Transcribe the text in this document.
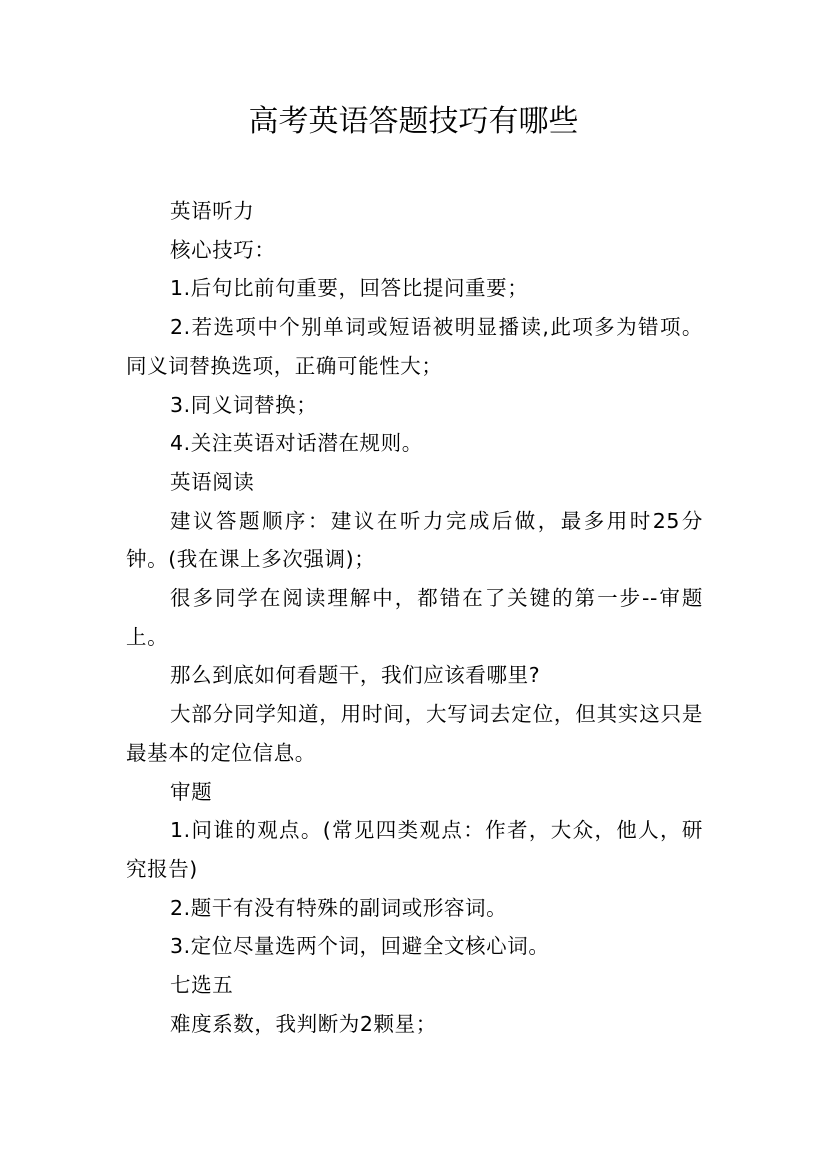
高考英语答题技巧有哪些

英语听力

核心技巧：

1.后句比前句重要，回答比提问重要；

2.若选项中个别单词或短语被明显播读,此项多为错项。同义词替换选项，正确可能性大；

3.同义词替换；

4.关注英语对话潜在规则。

英语阅读

建议答题顺序：建议在听力完成后做，最多用时25分钟。(我在课上多次强调)；

很多同学在阅读理解中，都错在了关键的第一步--审题上。

那么到底如何看题干，我们应该看哪里?

大部分同学知道，用时间，大写词去定位，但其实这只是最基本的定位信息。

审题

1.问谁的观点。(常见四类观点：作者，大众，他人，研究报告)

2.题干有没有特殊的副词或形容词。

3.定位尽量选两个词，回避全文核心词。

七选五

难度系数，我判断为2颗星；
